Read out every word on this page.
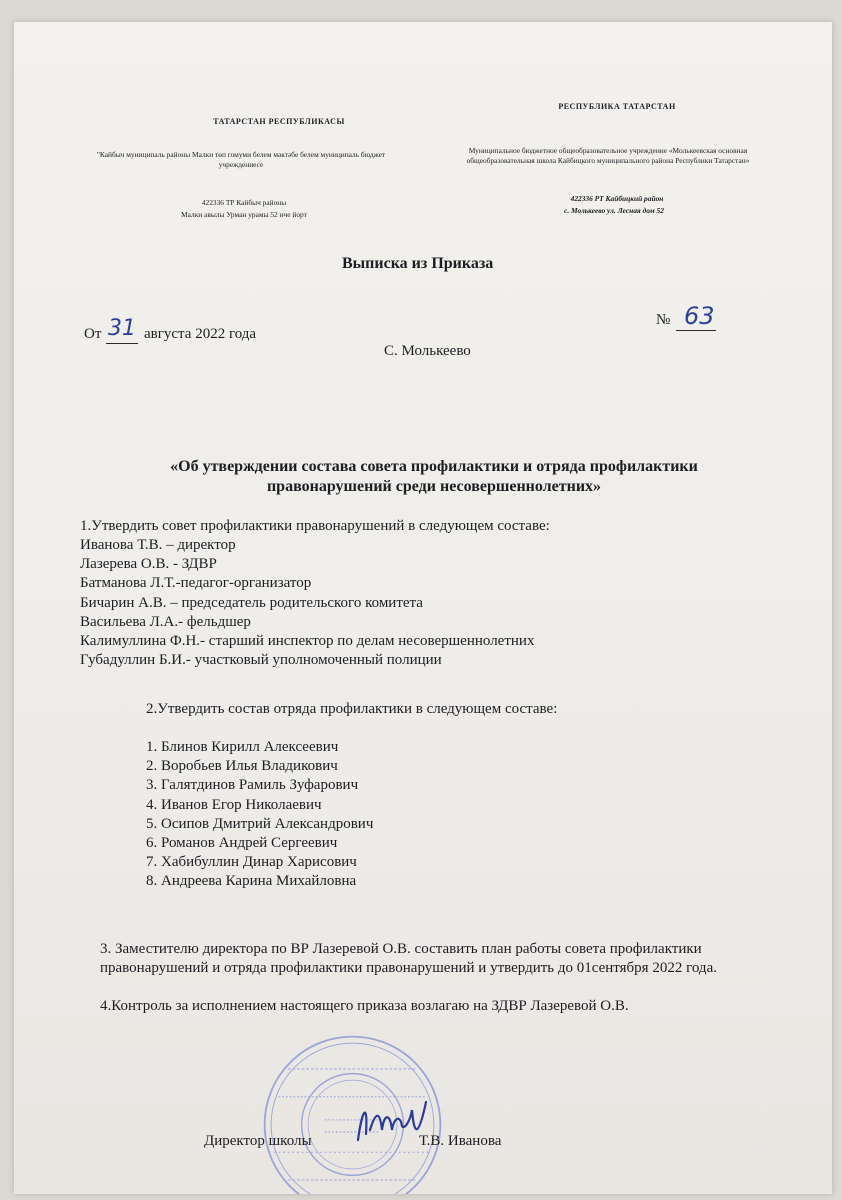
ТАТАРСТАН РЕСПУБЛИКАСЫ
"Кайбыч муниципаль районы Малки төп гомуми белем мәктәбе белем муниципаль бюджет учреждениесе
422336 ТР Кайбыч районы
Малки авылы Урман урамы 52 нче йорт
РЕСПУБЛИКА ТАТАРСТАН
Муниципальное бюджетное общеобразовательное учреждение «Молькеевская основная общеобразовательная школа Кайбицкого муниципального района Республики Татарстан»
422336 РТ Кайбицкий район
с. Молькеево ул. Лесная дом 52
Выписка из Приказа
От 31 августа 2022 года
№ 63
С. Молькеево
«Об утверждении состава совета профилактики и отряда профилактики
правонарушений среди несовершеннолетних»
1.Утвердить совет профилактики правонарушений в следующем составе:
Иванова Т.В. – директор
Лазерева О.В. - ЗДВР
Батманова Л.Т.-педагог-организатор
Бичарин А.В. – председатель родительского комитета
Васильева Л.А.- фельдшер
Калимуллина Ф.Н.- старший инспектор по делам несовершеннолетних
Губадуллин Б.И.- участковый уполномоченный полиции
2.Утвердить состав отряда профилактики в следующем составе:
1. Блинов Кирилл Алексеевич
2. Воробьев Илья Владикович
3. Галятдинов Рамиль Зуфарович
4. Иванов Егор Николаевич
5. Осипов Дмитрий Александрович
6. Романов Андрей Сергеевич
7. Хабибуллин Динар Харисович
8. Андреева Карина Михайловна
3. Заместителю директора по ВР Лазеревой О.В. составить план работы совета профилактики правонарушений и отряда профилактики правонарушений и утвердить до 01сентября 2022 года.
4.Контроль за исполнением настоящего приказа возлагаю на ЗДВР Лазеревой О.В.
Директор школы	Т.В. Иванова
